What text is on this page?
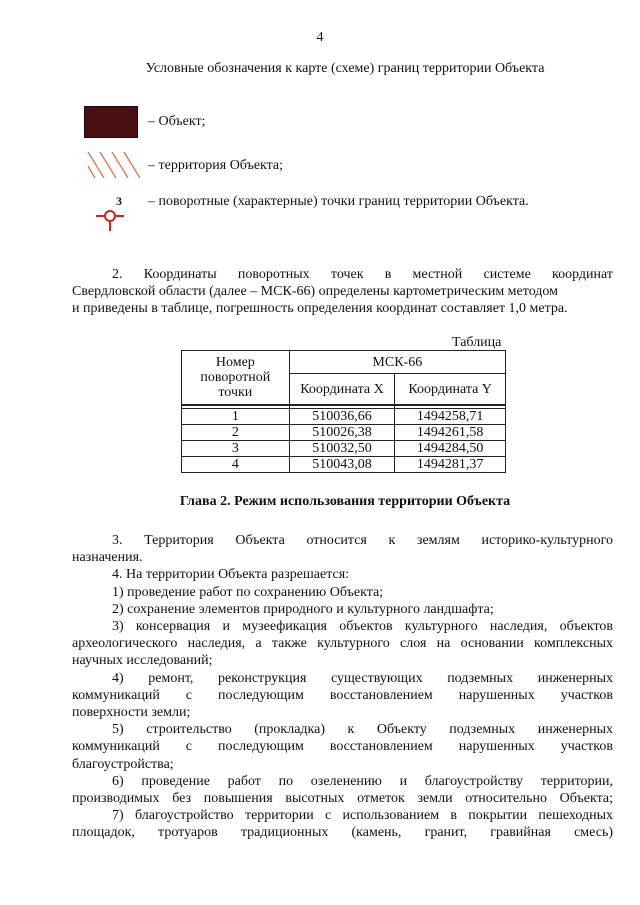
4
Условные обозначения к карте (схеме) границ территории Объекта
– Объект;
– территория Объекта;
3 – поворотные (характерные) точки границ территории Объекта.
2. Координаты поворотных точек в местной системе координат
Свердловской области (далее – МСК-66) определены картометрическим методом
и приведены в таблице, погрешность определения координат составляет 1,0 метра.
Таблица
Номер
поворотной
точки	МСК-66	
	Координата X	Координата Y

1	510036,66	1494258,71
2	510026,38	1494261,58
3	510032,50	1494284,50
4	510043,08	1494281,37
Глава 2. Режим использования территории Объекта
3. Территория Объекта относится к землям историко-культурного
назначения.
4. На территории Объекта разрешается:
1) проведение работ по сохранению Объекта;
2) сохранение элементов природного и культурного ландшафта;
3) консервация и музеефикация объектов культурного наследия, объектов
археологического наследия, а также культурного слоя на основании комплексных
научных исследований;
4) ремонт, реконструкция существующих подземных инженерных
коммуникаций с последующим восстановлением нарушенных участков
поверхности земли;
5) строительство (прокладка) к Объекту подземных инженерных
коммуникаций с последующим восстановлением нарушенных участков
благоустройства;
6) проведение работ по озеленению и благоустройству территории,
производимых без повышения высотных отметок земли относительно Объекта;
7) благоустройство территории с использованием в покрытии пешеходных
площадок, тротуаров традиционных (камень, гранит, гравийная смесь)
